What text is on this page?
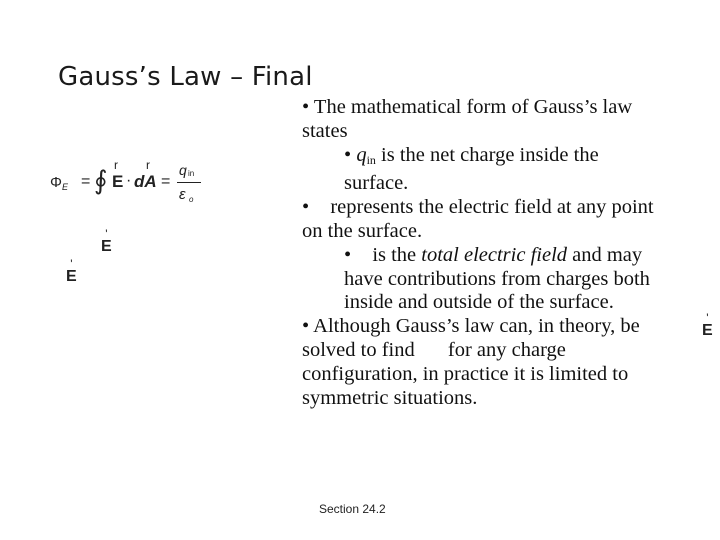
Gauss’s Law – Final
Φ E = ∮
r r
E · dA =
q in
ε o
'
E
'
E
'
E

• The mathematical form of Gauss’s law states

• $q_{in}$ is the net charge inside the surface.

• represents the electric field at any point on the surface.

• is the total electric field and may have contributions from charges both inside and outside of the surface.

• Although Gauss’s law can, in theory, be solved to find for any charge configuration, in practice it is limited to symmetric situations.

Section 24.2
